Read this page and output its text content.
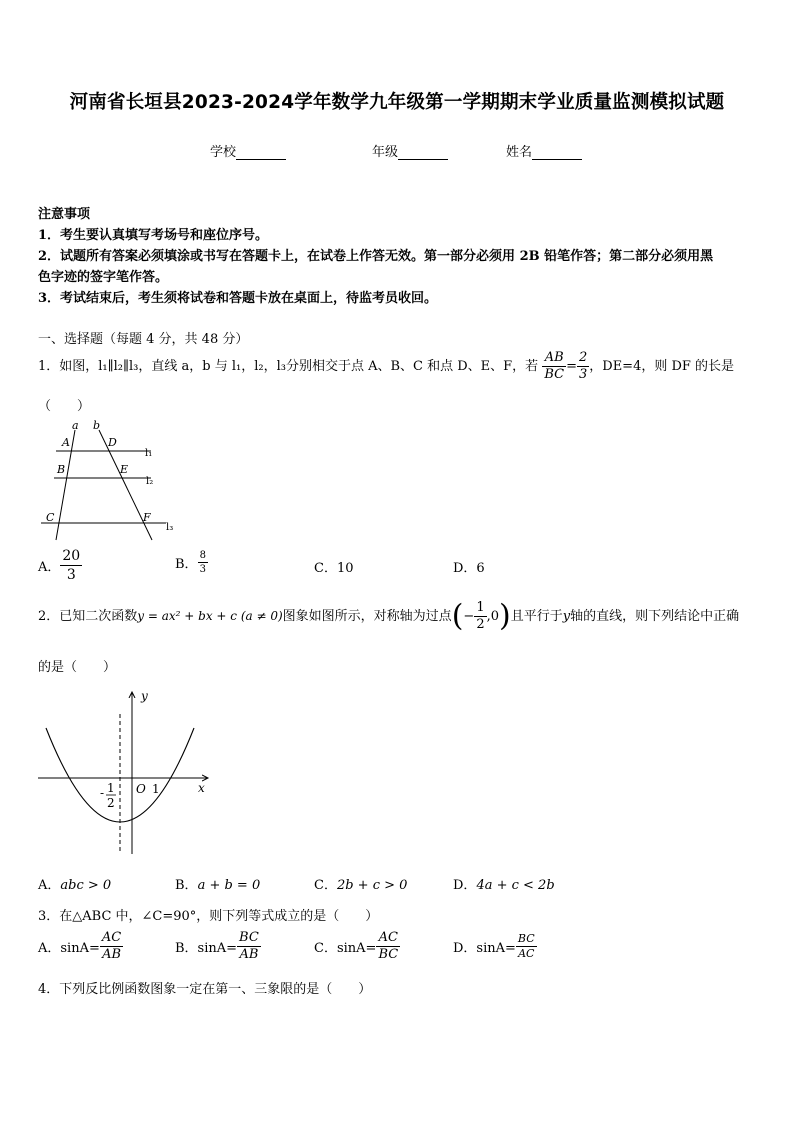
河南省长垣县2023-2024学年数学九年级第一学期期末学业质量监测模拟试题
学校	年级	姓名
注意事项
1．考生要认真填写考场号和座位序号。
2．试题所有答案必须填涂或书写在答题卡上，在试卷上作答无效。第一部分必须用 2B 铅笔作答；第二部分必须用黑
色字迹的签字笔作答。
3．考试结束后，考生须将试卷和答题卡放在桌面上，待监考员收回。
一、选择题（每题 4 分，共 48 分）
1．如图，l₁∥l₂∥l₃，直线 a，b 与 l₁，l₂，l₃分别相交于点 A、B、C 和点 D、E、F，若 $\frac{AB}{BC} = \frac{2}{3}$ ，DE=4，则 DF 的长是
（　　）
a b
A	D
B	E
C	F
l₁
l₂
l₃
A． $\frac{20}{3}$	B． $\frac{8}{3}$	C．10	D．6
2．已知二次函数y = ax² + bx + c (a ≠ 0)图象如图所示，对称轴为过点(− $\frac{1}{2} ,0$)且平行于y轴的直线，则下列结论中正确
的是（　　）
y
x
O 1
- 1
2
A．abc > 0	B．a + b = 0	C．2b + c > 0	D．4a + c < 2b
3．在△ABC 中，∠C=90°，则下列等式成立的是（　　）
A．$\sin A= \frac{AC}{AB}$	B．$\sin A= \frac{BC}{AB}$	C．$\sin A= \frac{AC}{BC}$	D．$\sin A= \frac{BC}{AC}$
4．下列反比例函数图象一定在第一、三象限的是（　　）
